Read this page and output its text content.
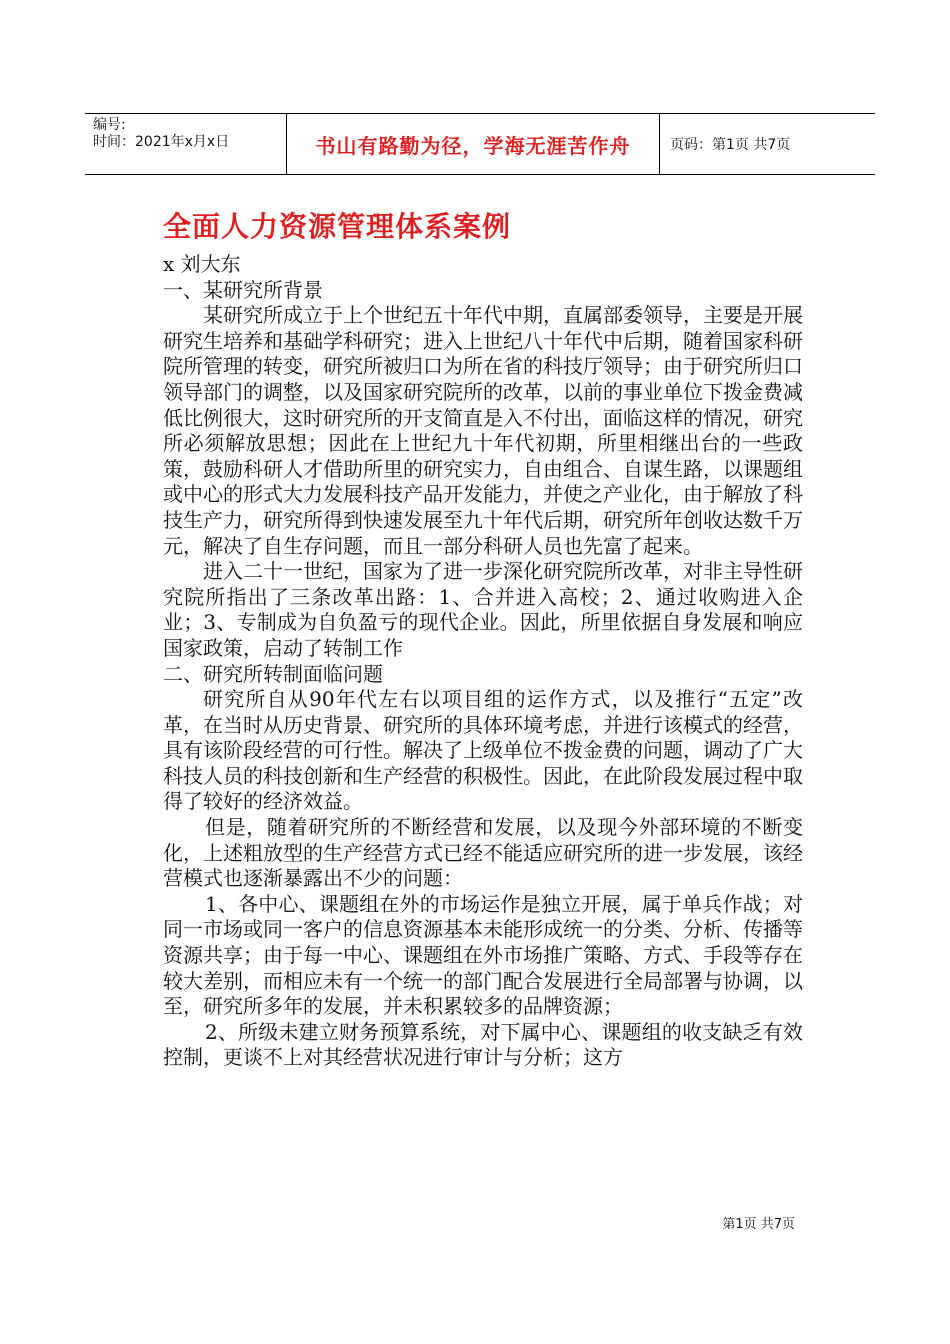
编号:
时间：2021年x月x日	书山有路勤为径，学海无涯苦作舟	页码：第1页 共7页
全面人力资源管理体系案例

x 刘大东

一、某研究所背景

某研究所成立于上个世纪五十年代中期，直属部委领导，主要是开展研究生培养和基础学科研究；进入上世纪八十年代中后期，随着国家科研院所管理的转变，研究所被归口为所在省的科技厅领导；由于研究所归口领导部门的调整，以及国家研究院所的改革，以前的事业单位下拨金费减低比例很大，这时研究所的开支简直是入不付出，面临这样的情况，研究所必须解放思想；因此在上世纪九十年代初期，所里相继出台的一些政策，鼓励科研人才借助所里的研究实力，自由组合、自谋生路，以课题组或中心的形式大力发展科技产品开发能力，并使之产业化，由于解放了科技生产力，研究所得到快速发展至九十年代后期，研究所年创收达数千万元，解决了自生存问题，而且一部分科研人员也先富了起来。

进入二十一世纪，国家为了进一步深化研究院所改革，对非主导性研究院所指出了三条改革出路：1、合并进入高校；2、通过收购进入企业；3、专制成为自负盈亏的现代企业。因此，所里依据自身发展和响应国家政策，启动了转制工作

二、研究所转制面临问题

研究所自从90年代左右以项目组的运作方式，以及推行“五定”改革，在当时从历史背景、研究所的具体环境考虑，并进行该模式的经营，具有该阶段经营的可行性。解决了上级单位不拨金费的问题，调动了广大科技人员的科技创新和生产经营的积极性。因此，在此阶段发展过程中取得了较好的经济效益。

但是，随着研究所的不断经营和发展，以及现今外部环境的不断变化，上述粗放型的生产经营方式已经不能适应研究所的进一步发展，该经营模式也逐渐暴露出不少的问题：

1、各中心、课题组在外的市场运作是独立开展，属于单兵作战；对同一市场或同一客户的信息资源基本未能形成统一的分类、分析、传播等资源共享；由于每一中心、课题组在外市场推广策略、方式、手段等存在较大差别，而相应未有一个统一的部门配合发展进行全局部署与协调，以至，研究所多年的发展，并未积累较多的品牌资源；

2、所级未建立财务预算系统，对下属中心、课题组的收支缺乏有效控制，更谈不上对其经营状况进行审计与分析；这方

第1页 共7页
